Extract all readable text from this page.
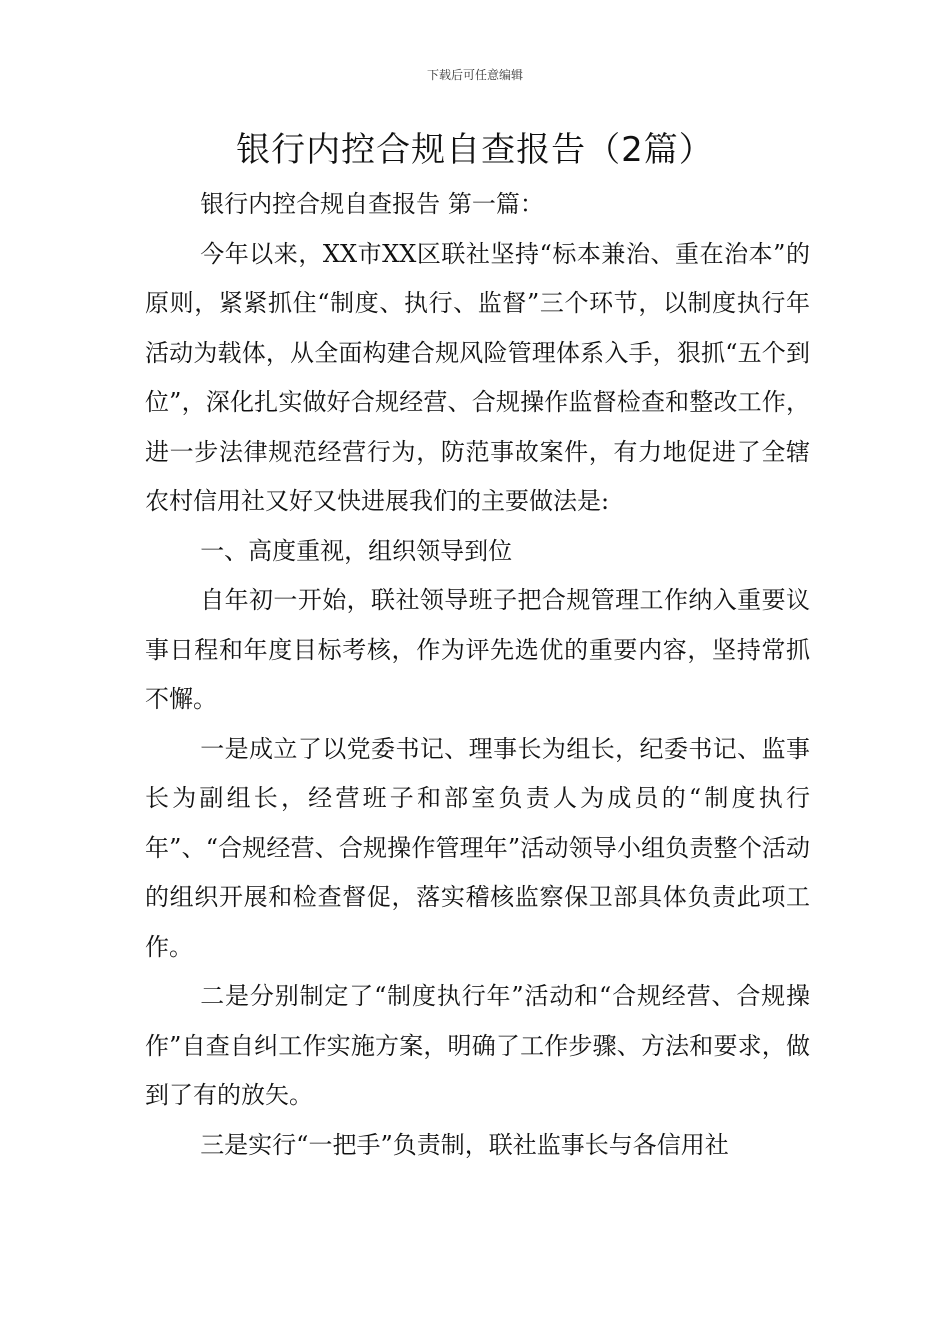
下载后可任意编辑
银行内控合规自查报告（2篇）

银行内控合规自查报告 第一篇：

今年以来，XX市XX区联社坚持“标本兼治、重在治本”的原则，紧紧抓住“制度、执行、监督”三个环节，以制度执行年活动为载体，从全面构建合规风险管理体系入手，狠抓“五个到位”，深化扎实做好合规经营、合规操作监督检查和整改工作，进一步法律规范经营行为，防范事故案件，有力地促进了全辖农村信用社又好又快进展我们的主要做法是:

一、高度重视，组织领导到位

自年初一开始，联社领导班子把合规管理工作纳入重要议事日程和年度目标考核，作为评先选优的重要内容，坚持常抓不懈。

一是成立了以党委书记、理事长为组长，纪委书记、监事长为副组长，经营班子和部室负责人为成员的“制度执行年”、“合规经营、合规操作管理年”活动领导小组负责整个活动的组织开展和检查督促，落实稽核监察保卫部具体负责此项工作。

二是分别制定了“制度执行年”活动和“合规经营、合规操作”自查自纠工作实施方案，明确了工作步骤、方法和要求，做到了有的放矢。

三是实行“一把手”负责制，联社监事长与各信用社
